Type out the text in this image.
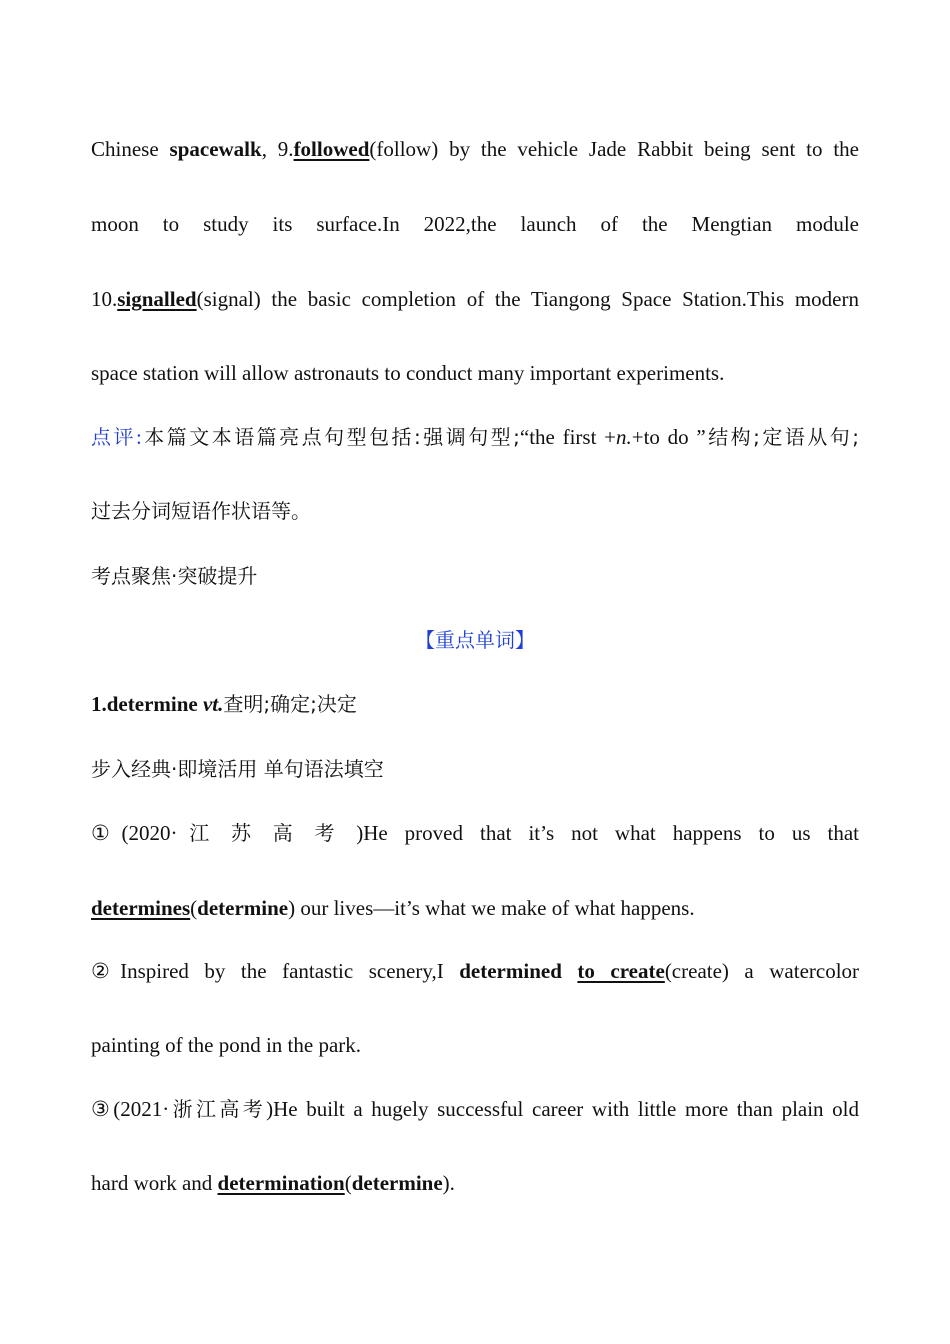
Chinese spacewalk, 9.followed(follow) by the vehicle Jade Rabbit being sent to the
moon to study its surface.In 2022,the launch of the Mengtian module
10.signalled(signal) the basic completion of the Tiangong Space Station.This modern
space station will allow astronauts to conduct many important experiments.
点评:本篇文本语篇亮点句型包括:强调句型;“the first +n.+to do ”结构;定语从句;
过去分词短语作状语等。
考点聚焦·突破提升
【重点单词】
1.determine vt.查明;确定;决定
步入经典·即境活用 单句语法填空
①(2020·江苏高考)He proved that it’s not what happens to us that
determines(determine) our lives—it’s what we make of what happens.
②Inspired by the fantastic scenery,I determined to create(create) a watercolor
painting of the pond in the park.
③(2021·浙江高考)He built a hugely successful career with little more than plain old
hard work and determination(determine).
